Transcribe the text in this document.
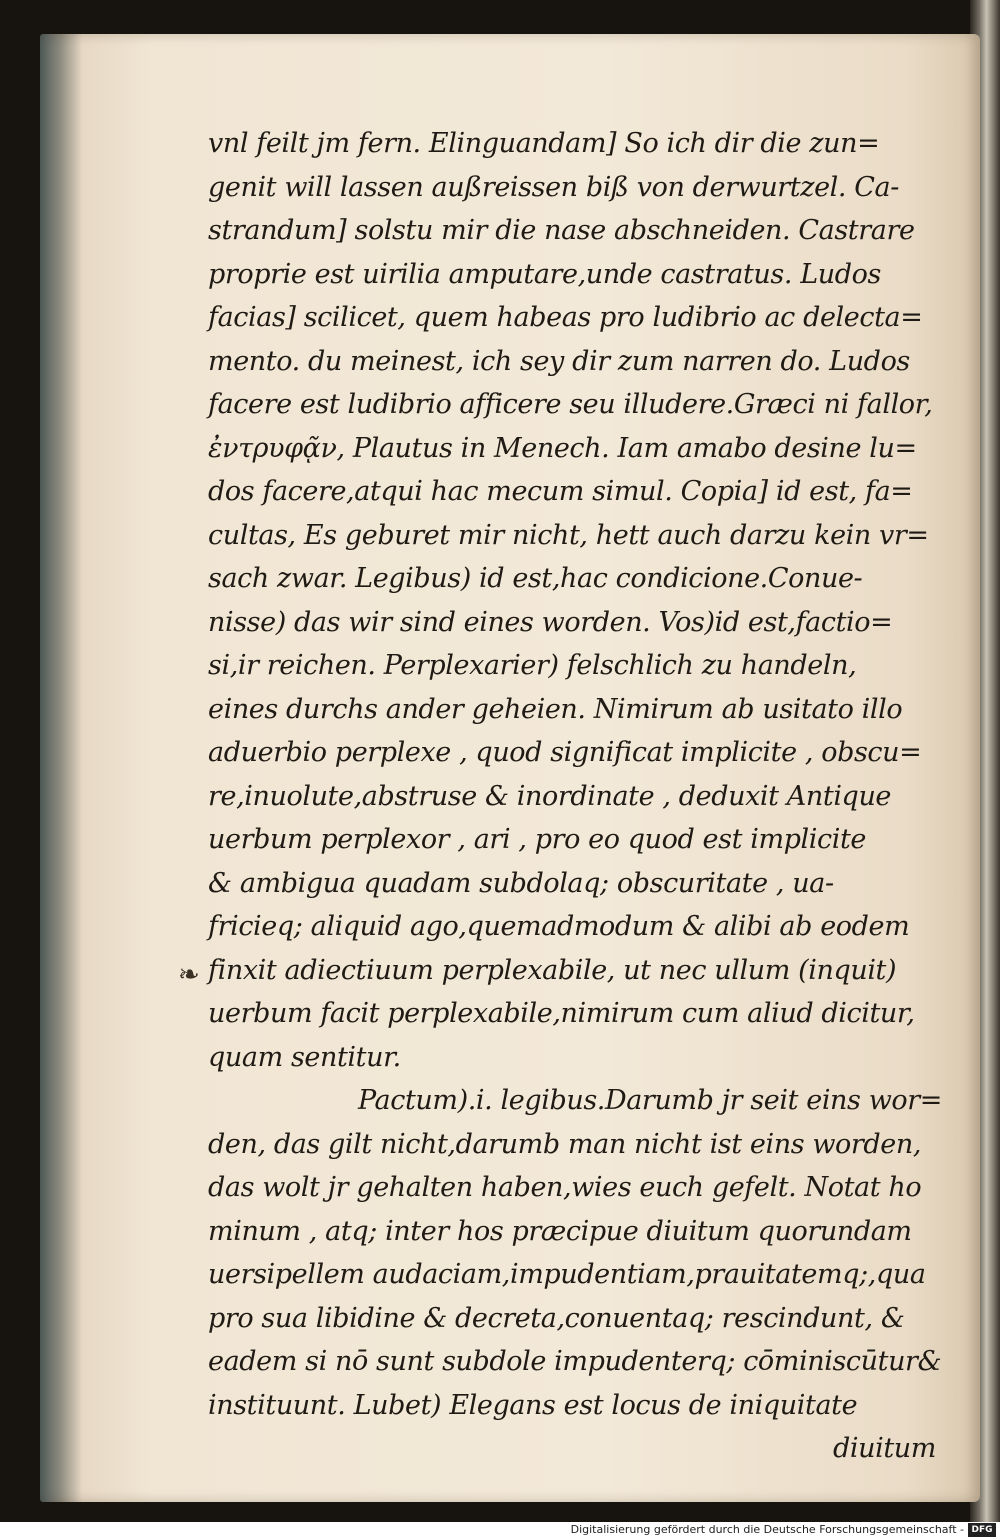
vnl feilt jm fern. Elinguandam] So ich dir die zun=
genit will lassen außreissen biß von derwurtzel. Ca-
strandum] solstu mir die nase abschneiden. Castrare
proprie est uirilia amputare,unde castratus. Ludos
facias] scilicet, quem habeas pro ludibrio ac delecta=
mento. du meinest, ich sey dir zum narren do. Ludos
facere est ludibrio afficere seu illudere.Græci ni fallor,
ἐντρυφᾷν, Plautus in Menech. Iam amabo desine lu=
dos facere,atqui hac mecum simul. Copia] id est, fa=
cultas, Es geburet mir nicht, hett auch darzu kein vr=
sach zwar. Legibus) id est,hac condicione.Conue-
nisse) das wir sind eines worden. Vos)id est,factio=
si,ir reichen. Perplexarier) felschlich zu handeln,
eines durchs ander geheien. Nimirum ab usitato illo
aduerbio perplexe , quod significat implicite , obscu=
re,inuolute,abstruse & inordinate , deduxit Antique
uerbum perplexor , ari , pro eo quod est implicite
& ambigua quadam subdolaq; obscuritate , ua-
fricieq; aliquid ago,quemadmodum & alibi ab eodem
finxit adiectiuum perplexabile, ut nec ullum (inquit)
uerbum facit perplexabile,nimirum cum aliud dicitur,
quam sentitur.
Pactum).i. legibus.Darumb jr seit eins wor=
den, das gilt nicht,darumb man nicht ist eins worden,
das wolt jr gehalten haben,wies euch gefelt. Notat ho
minum , atq; inter hos præcipue diuitum quorundam
uersipellem audaciam,impudentiam,prauitatemq;,qua
pro sua libidine & decreta,conuentaq; rescindunt, &
eadem si nō sunt subdole impudenterq; cōminiscūtur&
instituunt. Lubet) Elegans est locus de iniquitate
diuitum
❧
Digitalisierung gefördert durch die Deutsche Forschungsgemeinschaft - DFG
